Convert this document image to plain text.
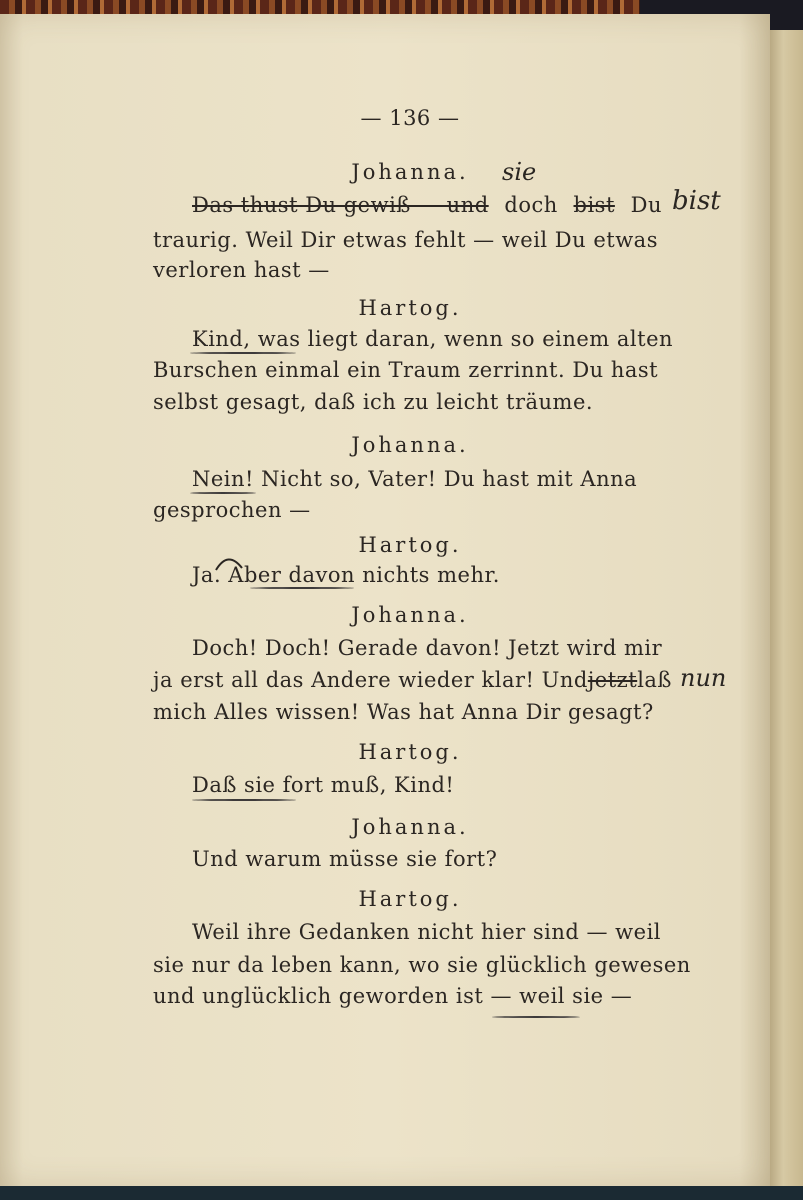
— 136 —
Johanna.
Das thust Du gewiß — und doch bist Du
sie
bist
traurig. Weil Dir etwas fehlt — weil Du etwas
verloren hast —
Hartog.
Kind, was liegt daran, wenn so einem alten
Burschen einmal ein Traum zerrinnt. Du hast
selbst gesagt, daß ich zu leicht träume.
Johanna.
Nein! Nicht so, Vater! Du hast mit Anna
gesprochen —
Hartog.
Ja. Aber davon nichts mehr.
Johanna.
Doch! Doch! Gerade davon! Jetzt wird mir
ja erst all das Andere wieder klar! Und jetzt laß nun
mich Alles wissen! Was hat Anna Dir gesagt?
Hartog.
Daß sie fort muß, Kind!
Johanna.
Und warum müsse sie fort?
Hartog.
Weil ihre Gedanken nicht hier sind — weil
sie nur da leben kann, wo sie glücklich gewesen
und unglücklich geworden ist — weil sie —
